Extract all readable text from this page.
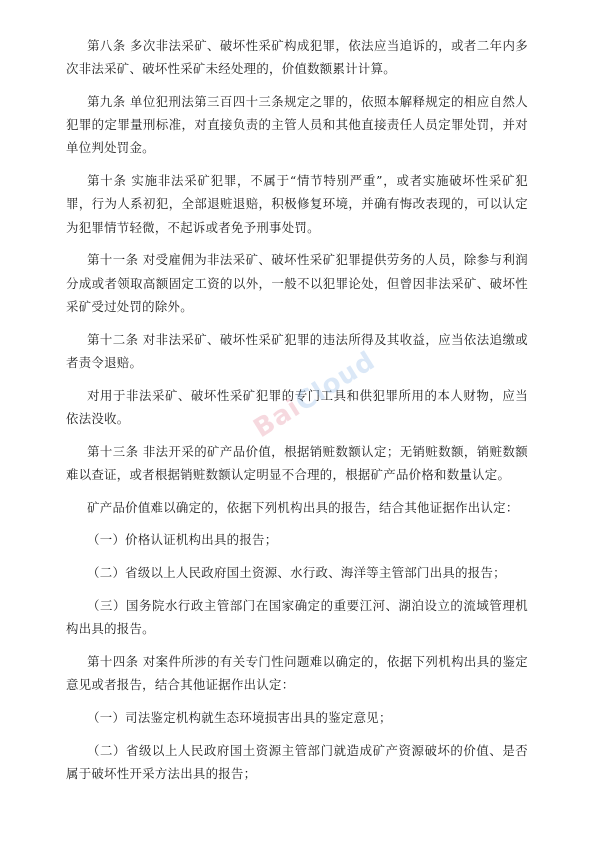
第八条 多次非法采矿、破坏性采矿构成犯罪，依法应当追诉的，或者二年内多次非法采矿、破坏性采矿未经处理的，价值数额累计计算。

第九条 单位犯刑法第三百四十三条规定之罪的，依照本解释规定的相应自然人犯罪的定罪量刑标准，对直接负责的主管人员和其他直接责任人员定罪处罚，并对单位判处罚金。

第十条 实施非法采矿犯罪，不属于“情节特别严重”，或者实施破坏性采矿犯罪，行为人系初犯，全部退赃退赔，积极修复环境，并确有悔改表现的，可以认定为犯罪情节轻微，不起诉或者免予刑事处罚。

第十一条 对受雇佣为非法采矿、破坏性采矿犯罪提供劳务的人员，除参与利润分成或者领取高额固定工资的以外，一般不以犯罪论处，但曾因非法采矿、破坏性采矿受过处罚的除外。

第十二条 对非法采矿、破坏性采矿犯罪的违法所得及其收益，应当依法追缴或者责令退赔。

对用于非法采矿、破坏性采矿犯罪的专门工具和供犯罪所用的本人财物，应当依法没收。

第十三条 非法开采的矿产品价值，根据销赃数额认定；无销赃数额，销赃数额难以查证，或者根据销赃数额认定明显不合理的，根据矿产品价格和数量认定。

矿产品价值难以确定的，依据下列机构出具的报告，结合其他证据作出认定：

（一）价格认证机构出具的报告；

（二）省级以上人民政府国土资源、水行政、海洋等主管部门出具的报告；

（三）国务院水行政主管部门在国家确定的重要江河、湖泊设立的流域管理机构出具的报告。

第十四条 对案件所涉的有关专门性问题难以确定的，依据下列机构出具的鉴定意见或者报告，结合其他证据作出认定：

（一）司法鉴定机构就生态环境损害出具的鉴定意见；

（二）省级以上人民政府国土资源主管部门就造成矿产资源破坏的价值、是否属于破坏性开采方法出具的报告；

BaiCloud
